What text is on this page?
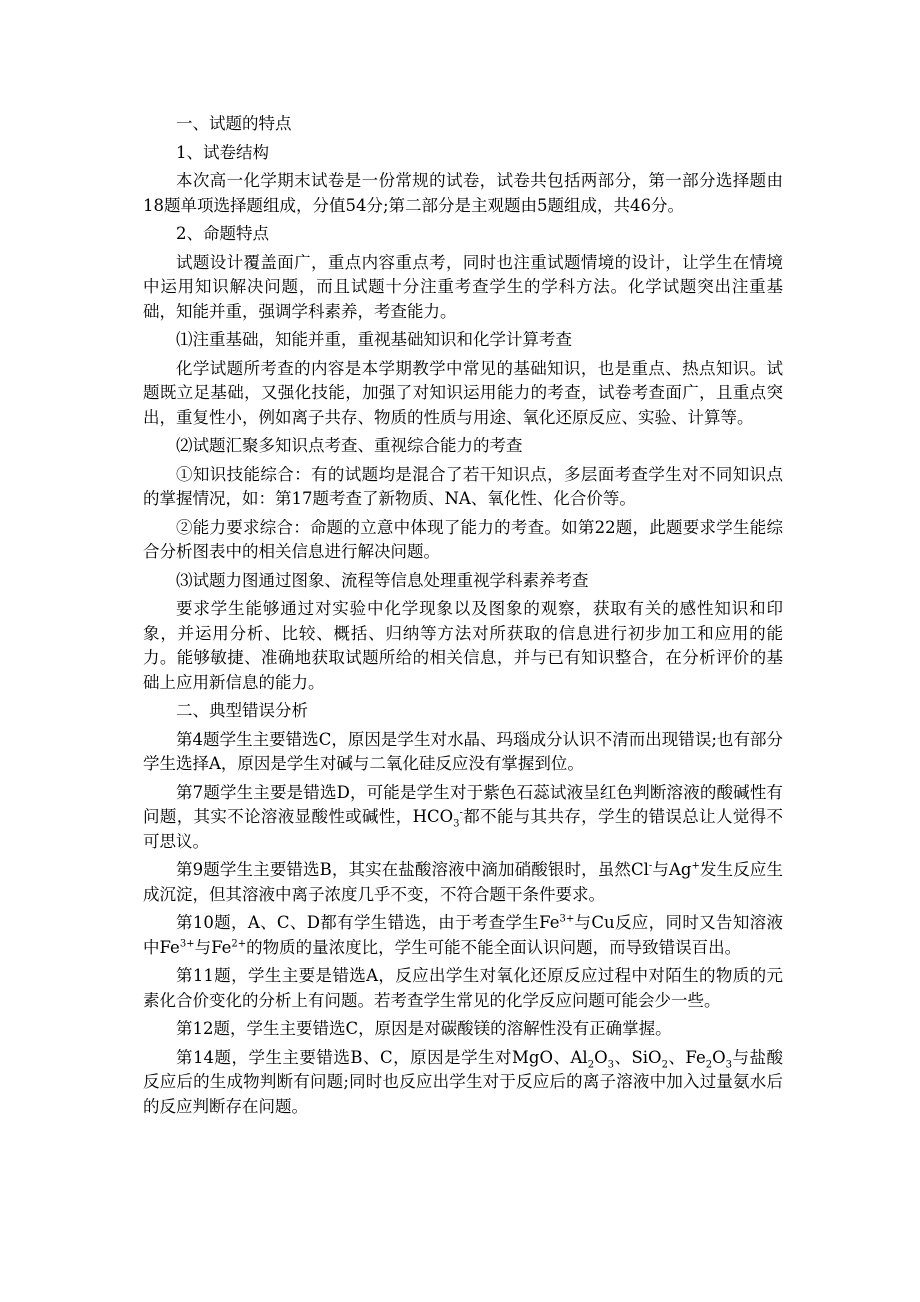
一、试题的特点

1、试卷结构

本次高一化学期末试卷是一份常规的试卷，试卷共包括两部分，第一部分选择题由18题单项选择题组成，分值54分;第二部分是主观题由5题组成，共46分。

2、命题特点

试题设计覆盖面广，重点内容重点考，同时也注重试题情境的设计，让学生在情境中运用知识解决问题，而且试题十分注重考查学生的学科方法。化学试题突出注重基础，知能并重，强调学科素养，考查能力。

⑴注重基础，知能并重，重视基础知识和化学计算考查

化学试题所考查的内容是本学期教学中常见的基础知识，也是重点、热点知识。试题既立足基础，又强化技能，加强了对知识运用能力的考查，试卷考查面广，且重点突出，重复性小，例如离子共存、物质的性质与用途、氧化还原反应、实验、计算等。

⑵试题汇聚多知识点考查、重视综合能力的考查

①知识技能综合：有的试题均是混合了若干知识点，多层面考查学生对不同知识点的掌握情况，如：第17题考查了新物质、NA、氧化性、化合价等。

②能力要求综合：命题的立意中体现了能力的考查。如第22题，此题要求学生能综合分析图表中的相关信息进行解决问题。

⑶试题力图通过图象、流程等信息处理重视学科素养考查

要求学生能够通过对实验中化学现象以及图象的观察，获取有关的感性知识和印象，并运用分析、比较、概括、归纳等方法对所获取的信息进行初步加工和应用的能力。能够敏捷、准确地获取试题所给的相关信息，并与已有知识整合，在分析评价的基础上应用新信息的能力。

二、典型错误分析

第4题学生主要错选C，原因是学生对水晶、玛瑙成分认识不清而出现错误;也有部分学生选择A，原因是学生对碱与二氧化硅反应没有掌握到位。

第7题学生主要是错选D，可能是学生对于紫色石蕊试液呈红色判断溶液的酸碱性有问题，其实不论溶液显酸性或碱性，$HCO_3^-$都不能与其共存，学生的错误总让人觉得不可思议。

第9题学生主要错选B，其实在盐酸溶液中滴加硝酸银时，虽然Cl-与Ag+发生反应生成沉淀，但其溶液中离子浓度几乎不变，不符合题干条件要求。

第10题，A、C、D都有学生错选，由于考查学生$Fe^{3+}$与Cu反应，同时又告知溶液中$Fe^{3+}$与$Fe^{2+}$的物质的量浓度比，学生可能不能全面认识问题，而导致错误百出。

第11题，学生主要是错选A，反应出学生对氧化还原反应过程中对陌生的物质的元素化合价变化的分析上有问题。若考查学生常见的化学反应问题可能会少一些。

第12题，学生主要错选C，原因是对碳酸镁的溶解性没有正确掌握。

第14题，学生主要错选B、C，原因是学生对MgO、$Al_2O_3$、SiO$_2$、$Fe_2O_3$与盐酸反应后的生成物判断有问题;同时也反应出学生对于反应后的离子溶液中加入过量氨水后的反应判断存在问题。
